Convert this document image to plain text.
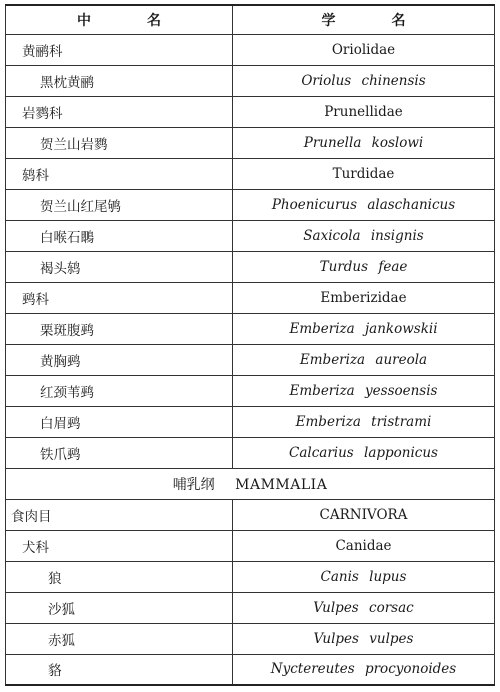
中　　　　名	学　　　　名
黄鹂科	Oriolidae
黑枕黄鹂	Oriolus chinensis
岩鹨科	Prunellidae
贺兰山岩鹨	Prunella koslowi
鸫科	Turdidae
贺兰山红尾鸲	Phoenicurus alaschanicus
白喉石䳭	Saxicola insignis
褐头鸫	Turdus feae
鹀科	Emberizidae
栗斑腹鹀	Emberiza jankowskii
黄胸鹀	Emberiza aureola
红颈苇鹀	Emberiza yessoensis
白眉鹀	Emberiza tristrami
铁爪鹀	Calcarius lapponicus
哺乳纲 MAMMALIA	
食肉目	CARNIVORA
犬科	Canidae
狼	Canis lupus
沙狐	Vulpes corsac
赤狐	Vulpes vulpes
貉	Nyctereutes procyonoides
